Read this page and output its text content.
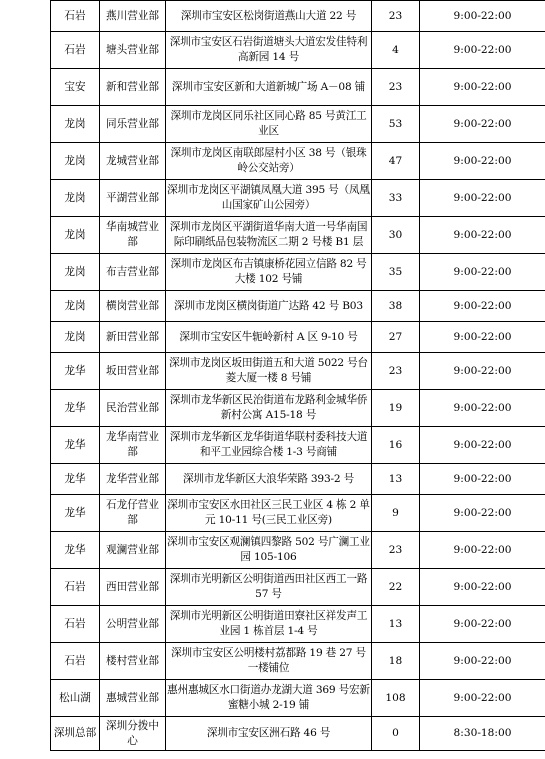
石岩	燕川营业部	深圳市宝安区松岗街道燕山大道 22 号	23	9:00-22:00
石岩	塘头营业部	深圳市宝安区石岩街道塘头大道宏发佳特利高新园 14 号	4	9:00-22:00
宝安	新和营业部	深圳市宝安区新和大道新城广场 A－08 铺	23	9:00-22:00
龙岗	同乐营业部	深圳市龙岗区同乐社区同心路 85 号黄江工业区	53	9:00-22:00
龙岗	龙城营业部	深圳市龙岗区南联郎屋村小区 38 号（银珠岭公交站旁）	47	9:00-22:00
龙岗	平湖营业部	深圳市龙岗区平湖镇凤凰大道 395 号（凤凰山国家矿山公园旁）	33	9:00-22:00
龙岗	华南城营业部	深圳市龙岗区平湖街道华南大道一号华南国际印刷纸品包装物流区二期 2 号楼 B1 层	30	9:00-22:00
龙岗	布吉营业部	深圳市龙岗区布吉镇康桥花园立信路 82 号大楼 102 号铺	35	9:00-22:00
龙岗	横岗营业部	深圳市龙岗区横岗街道广达路 42 号 B03	38	9:00-22:00
龙岗	新田营业部	深圳市宝安区牛轭岭新村 A 区 9-10 号	27	9:00-22:00
龙华	坂田营业部	深圳市龙岗区坂田街道五和大道 5022 号台菱大厦一楼 8 号铺	23	9:00-22:00
龙华	民治营业部	深圳市龙华新区民治街道布龙路利金城华侨新村公寓 A15-18 号	19	9:00-22:00
龙华	龙华南营业部	深圳市龙华新区龙华街道华联村委科技大道和平工业园综合楼 1-3 号商铺	16	9:00-22:00
龙华	龙华营业部	深圳市龙华新区大浪华荣路 393-2 号	13	9:00-22:00
龙华	石龙仔营业部	深圳市宝安区水田社区三民工业区 4 栋 2 单元 10-11 号(三民工业区旁)	9	9:00-22:00
龙华	观澜营业部	深圳市宝安区观澜镇四黎路 502 号广澜工业园 105-106	23	9:00-22:00
石岩	西田营业部	深圳市光明新区公明街道西田社区西工一路 57 号	22	9:00-22:00
石岩	公明营业部	深圳市光明新区公明街道田寮社区祥发声工业园 1 栋首层 1-4 号	13	9:00-22:00
石岩	楼村营业部	深圳市宝安区公明楼村荔都路 19 巷 27 号一楼铺位	18	9:00-22:00
松山湖	惠城营业部	惠州惠城区水口街道办龙湖大道 369 号宏新蜜糖小城 2-19 铺	108	9:00-22:00
深圳总部	深圳分拨中心	深圳市宝安区洲石路 46 号	0	8:30-18:00
